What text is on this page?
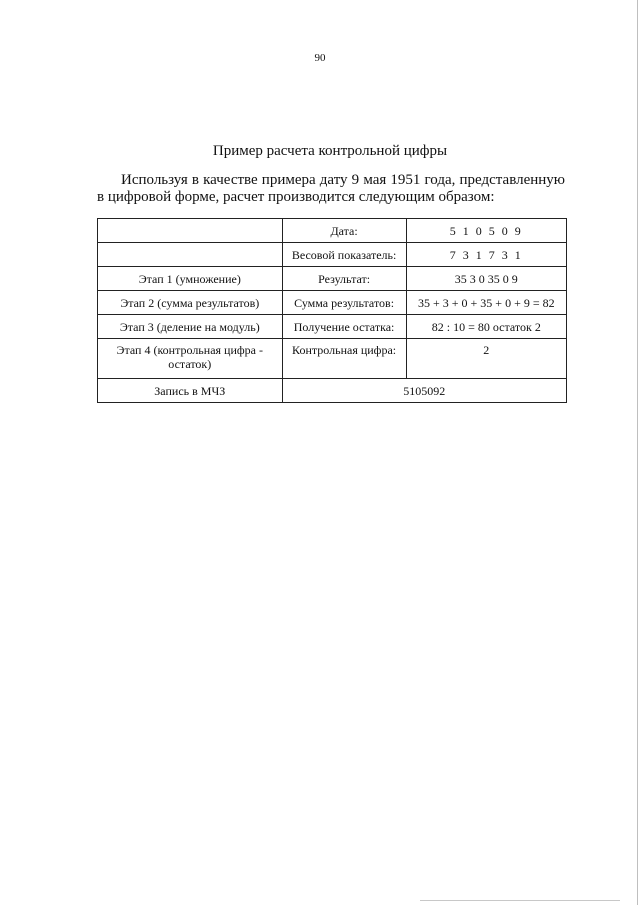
90
Пример расчета контрольной цифры

Используя в качестве примера дату 9 мая 1951 года, представленную в цифровой форме, расчет производится следующим образом:

	Дата:	5 1 0 5 0 9
	Весовой показатель:	7 3 1 7 3 1
Этап 1 (умножение)	Результат:	35 3 0 35 0 9
Этап 2 (сумма результатов)	Сумма результатов:	35 + 3 + 0 + 35 + 0 + 9 = 82
Этап 3 (деление на модуль)	Получение остатка:	82 : 10 = 80 остаток 2
Этап 4 (контрольная цифра - остаток)	Контрольная цифра:	2
Запись в МЧЗ	5105092	
